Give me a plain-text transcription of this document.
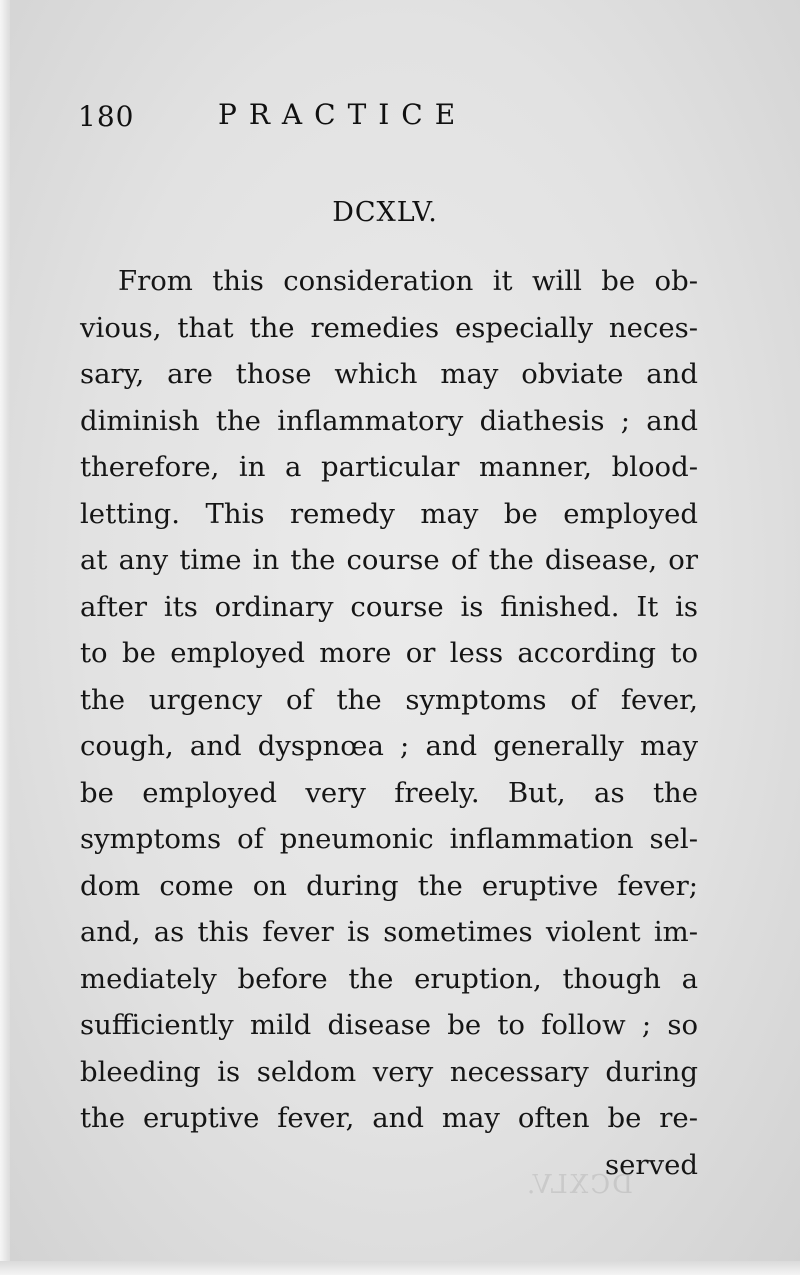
DCXLV.
180	PRACTICE
DCXLV.
From this consideration it will be ob-
vious, that the remedies especially neces-
sary, are those which may obviate and
diminish the inflammatory diathesis ; and
therefore, in a particular manner, blood-
letting. This remedy may be employed
at any time in the course of the disease, or
after its ordinary course is finished. It is
to be employed more or less according to
the urgency of the symptoms of fever,
cough, and dyspnœa ; and generally may
be employed very freely. But, as the
symptoms of pneumonic inflammation sel-
dom come on during the eruptive fever;
and, as this fever is sometimes violent im-
mediately before the eruption, though a
sufficiently mild disease be to follow ; so
bleeding is seldom very necessary during
the eruptive fever, and may often be re-
served
